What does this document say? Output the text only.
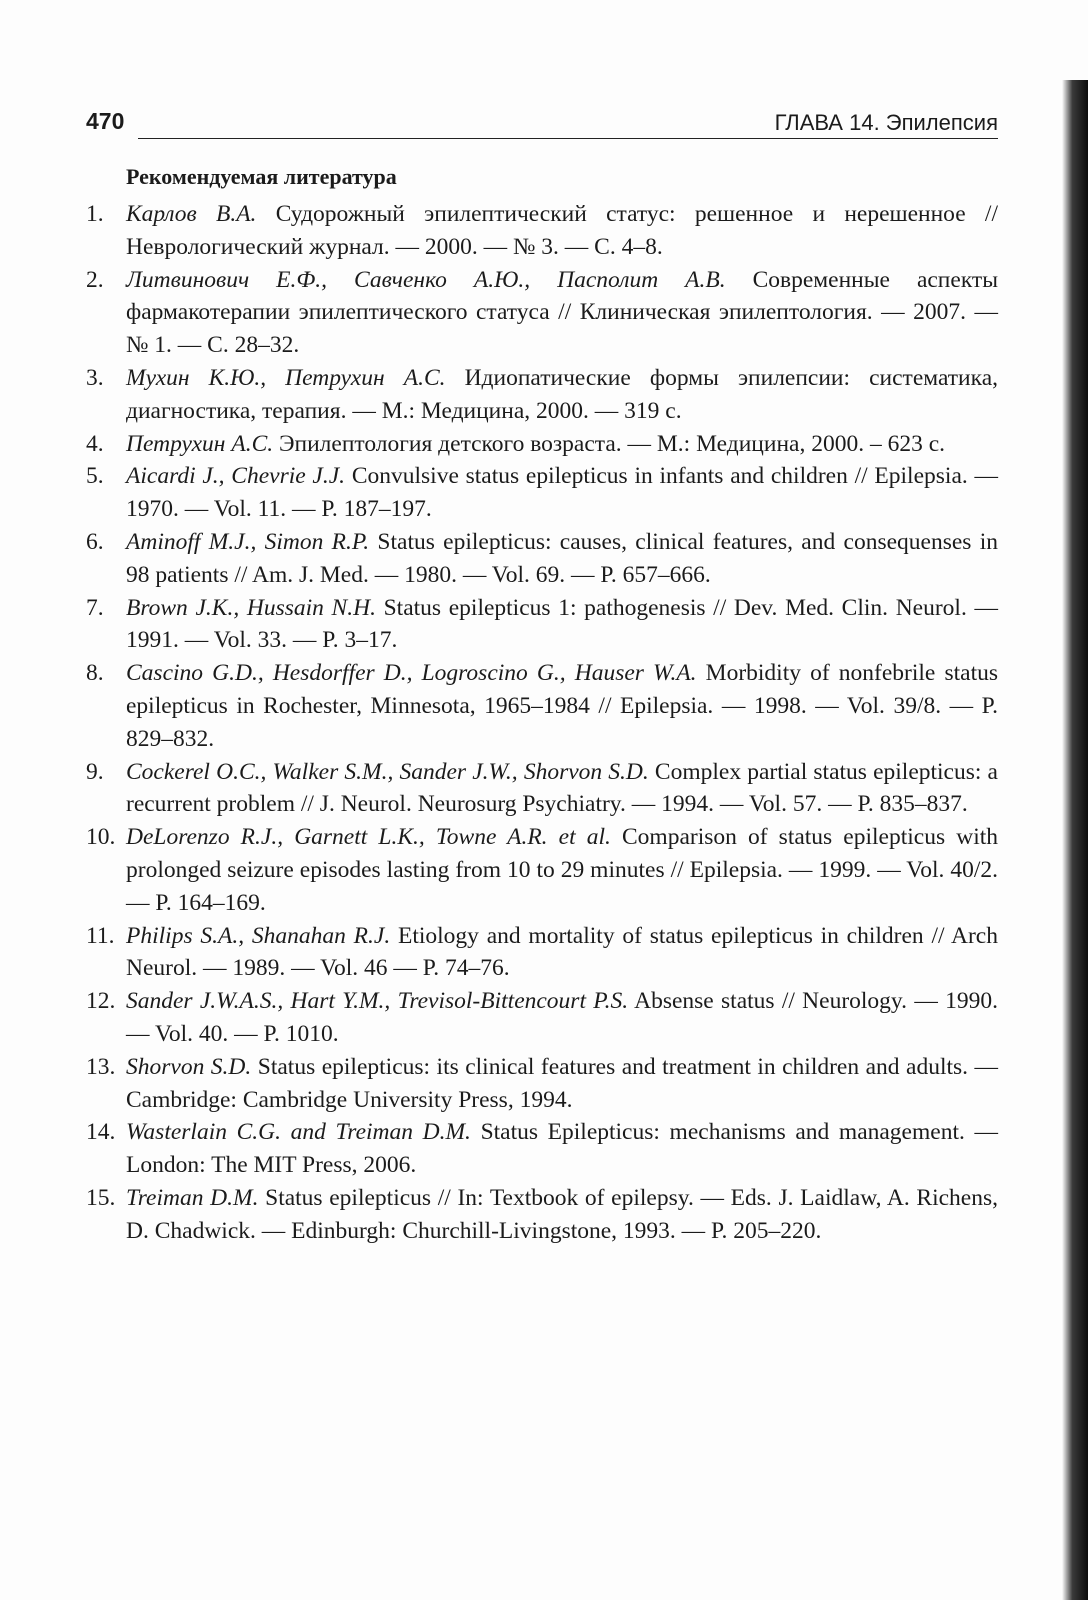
470	ГЛАВА 14. Эпилепсия
Рекомендуемая литература
1. Карлов В.А. Судорожный эпилептический статус: решенное и нерешенное // Неврологический журнал. — 2000. — № 3. — С. 4–8.
2. Литвинович Е.Ф., Савченко А.Ю., Пасполит А.В. Современные аспекты фармакотерапии эпилептического статуса // Клиническая эпилептология. — 2007. — № 1. — С. 28–32.
3. Мухин К.Ю., Петрухин А.С. Идиопатические формы эпилепсии: систематика, диагностика, терапия. — М.: Медицина, 2000. — 319 с.
4. Петрухин А.С. Эпилептология детского возраста. — М.: Медицина, 2000. – 623 с.
5. Aicardi J., Chevrie J.J. Convulsive status epilepticus in infants and children // Epilepsia. — 1970. — Vol. 11. — P. 187–197.
6. Aminoff M.J., Simon R.P. Status epilepticus: causes, clinical features, and consequenses in 98 patients // Am. J. Med. — 1980. — Vol. 69. — P. 657–666.
7. Brown J.K., Hussain N.H. Status epilepticus 1: pathogenesis // Dev. Med. Clin. Neurol. — 1991. — Vol. 33. — P. 3–17.
8. Cascino G.D., Hesdorffer D., Logroscino G., Hauser W.A. Morbidity of nonfebrile status epilepticus in Rochester, Minnesota, 1965–1984 // Epilepsia. — 1998. — Vol. 39/8. — P. 829–832.
9. Cockerel O.C., Walker S.M., Sander J.W., Shorvon S.D. Complex partial status epilepticus: a recurrent problem // J. Neurol. Neurosurg Psychiatry. — 1994. — Vol. 57. — P. 835–837.
10. DeLorenzo R.J., Garnett L.K., Towne A.R. et al. Comparison of status epilepticus with prolonged seizure episodes lasting from 10 to 29 minutes // Epilepsia. — 1999. — Vol. 40/2. — P. 164–169.
11. Philips S.A., Shanahan R.J. Etiology and mortality of status epilepticus in children // Arch Neurol. — 1989. — Vol. 46 — P. 74–76.
12. Sander J.W.A.S., Hart Y.M., Trevisol-Bittencourt P.S. Absense status // Neurology. — 1990. — Vol. 40. — P. 1010.
13. Shorvon S.D. Status epilepticus: its clinical features and treatment in children and adults. — Cambridge: Cambridge University Press, 1994.
14. Wasterlain C.G. and Treiman D.M. Status Epilepticus: mechanisms and management. — London: The MIT Press, 2006.
15. Treiman D.M. Status epilepticus // In: Textbook of epilepsy. — Eds. J. Laidlaw, A. Richens, D. Chadwick. — Edinburgh: Churchill-Livingstone, 1993. — P. 205–220.
